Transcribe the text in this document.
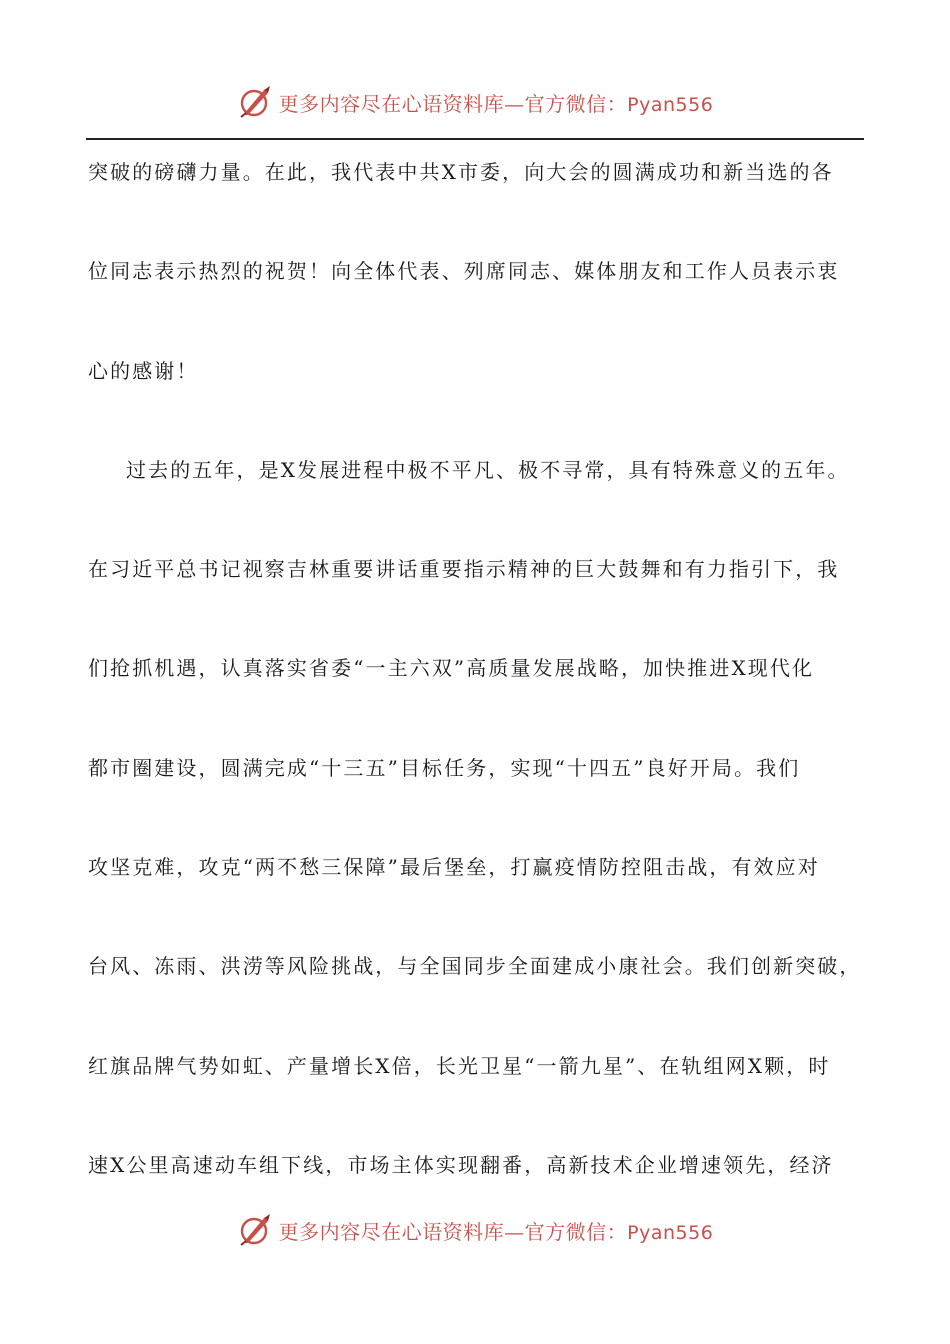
更多内容尽在心语资料库—官方微信：Pyan556
突破的磅礴力量。在此，我代表中共X市委，向大会的圆满成功和新当选的各
位同志表示热烈的祝贺！向全体代表、列席同志、媒体朋友和工作人员表示衷
心的感谢！
过去的五年，是X发展进程中极不平凡、极不寻常，具有特殊意义的五年。
在习近平总书记视察吉林重要讲话重要指示精神的巨大鼓舞和有力指引下，我
们抢抓机遇，认真落实省委“一主六双”高质量发展战略，加快推进X现代化
都市圈建设，圆满完成“十三五”目标任务，实现“十四五”良好开局。我们
攻坚克难，攻克“两不愁三保障”最后堡垒，打赢疫情防控阻击战，有效应对
台风、冻雨、洪涝等风险挑战，与全国同步全面建成小康社会。我们创新突破，
红旗品牌气势如虹、产量增长X倍，长光卫星“一箭九星”、在轨组网X颗，时
速X公里高速动车组下线，市场主体实现翻番，高新技术企业增速领先，经济
更多内容尽在心语资料库—官方微信：Pyan556
